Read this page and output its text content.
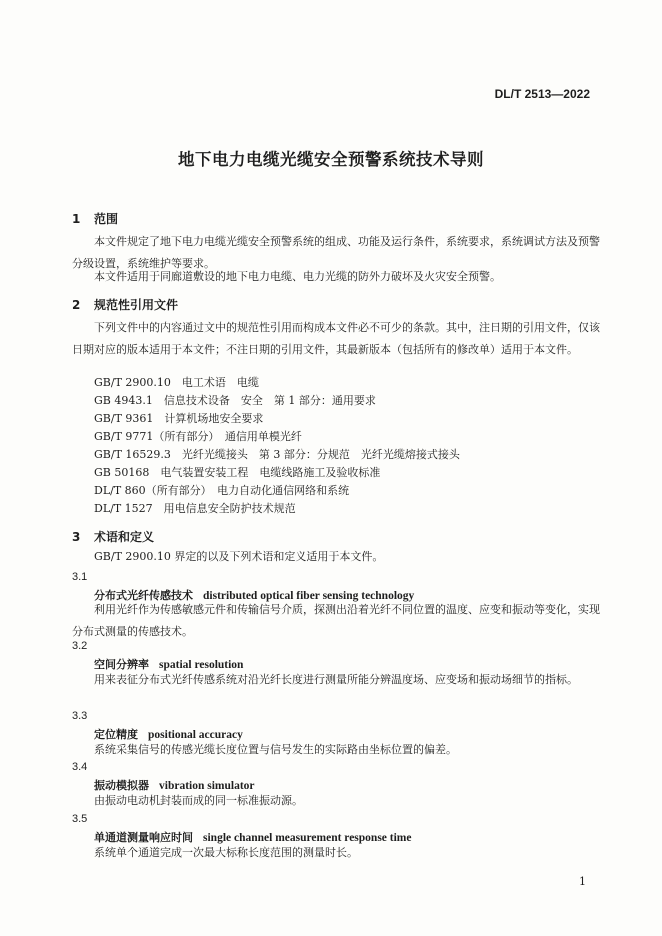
DL/T 2513—2022
地下电力电缆光缆安全预警系统技术导则
1 范围
本文件规定了地下电力电缆光缆安全预警系统的组成、功能及运行条件，系统要求，系统调试方法及预警分级设置，系统维护等要求。
本文件适用于同廊道敷设的地下电力电缆、电力光缆的防外力破坏及火灾安全预警。
2 规范性引用文件
下列文件中的内容通过文中的规范性引用而构成本文件必不可少的条款。其中，注日期的引用文件，仅该日期对应的版本适用于本文件；不注日期的引用文件，其最新版本（包括所有的修改单）适用于本文件。
GB/T 2900.10　电工术语　电缆
GB 4943.1　信息技术设备　安全　第 1 部分：通用要求
GB/T 9361　计算机场地安全要求
GB/T 9771（所有部分）　通信用单模光纤
GB/T 16529.3　光纤光缆接头　第 3 部分：分规范　光纤光缆熔接式接头
GB 50168　电气装置安装工程　电缆线路施工及验收标准
DL/T 860（所有部分）　电力自动化通信网络和系统
DL/T 1527　用电信息安全防护技术规范
3 术语和定义
GB/T 2900.10 界定的以及下列术语和定义适用于本文件。
3.1
分布式光纤传感技术 distributed optical fiber sensing technology
利用光纤作为传感敏感元件和传输信号介质，探测出沿着光纤不同位置的温度、应变和振动等变化，实现分布式测量的传感技术。
3.2
空间分辨率 spatial resolution
用来表征分布式光纤传感系统对沿光纤长度进行测量所能分辨温度场、应变场和振动场细节的指标。
3.3
定位精度 positional accuracy
系统采集信号的传感光缆长度位置与信号发生的实际路由坐标位置的偏差。
3.4
振动模拟器 vibration simulator
由振动电动机封装而成的同一标准振动源。
3.5
单通道测量响应时间 single channel measurement response time
系统单个通道完成一次最大标称长度范围的测量时长。
1
